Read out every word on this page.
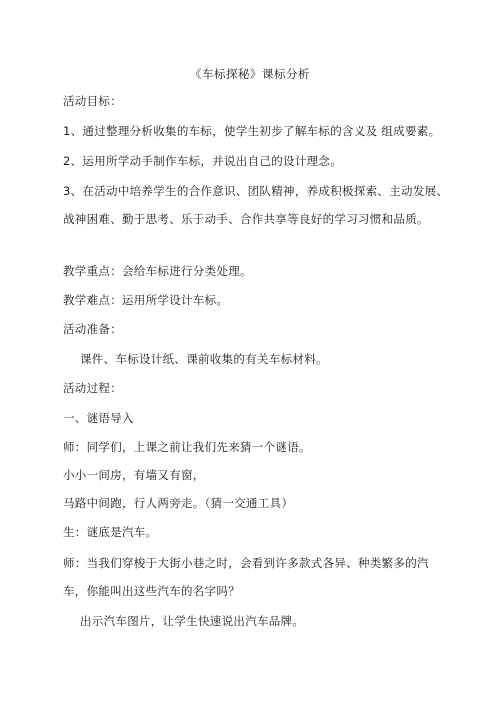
《车标探秘》课标分析
活动目标：
1、通过整理分析收集的车标，使学生初步了解车标的含义及 组成要素。
2、运用所学动手制作车标，并说出自己的设计理念。
3、在活动中培养学生的合作意识、团队精神，养成积极探索、主动发展、
战神困难、勤于思考、乐于动手、合作共享等良好的学习习惯和品质。
教学重点：会给车标进行分类处理。
教学难点：运用所学设计车标。
活动准备：
课件、车标设计纸、课前收集的有关车标材料。
活动过程：
一、谜语导入
师：同学们，上课之前让我们先来猜一个谜语。
小小一间房，有墙又有窗，
马路中间跑，行人两旁走。（猜一交通工具）
生：谜底是汽车。
师：当我们穿梭于大街小巷之时，会看到许多款式各异、种类繁多的汽
车，你能叫出这些汽车的名字吗？
出示汽车图片，让学生快速说出汽车品牌。
